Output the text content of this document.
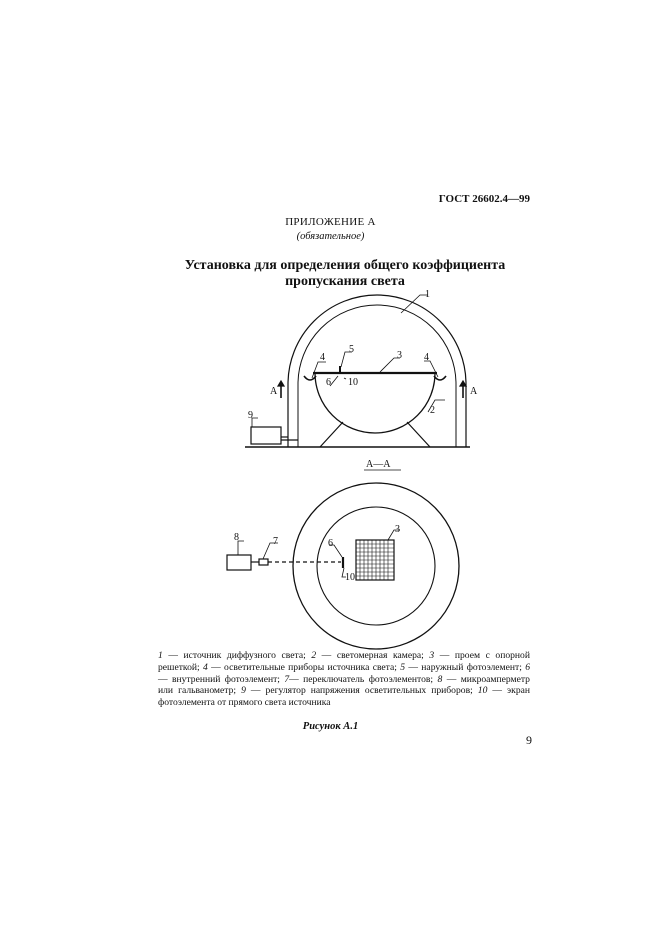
ГОСТ 26602.4—99
ПРИЛОЖЕНИЕ А
(обязательное)
Установка для определения общего коэффициента
пропускания света
1
2
3
4	4
5
6 10
9
А	А
А—А
8	7	6
10
3
1 — источник диффузного света; 2 — светомерная камера; 3 — проем с опорной решеткой; 4 — осветительные приборы источника света; 5 — наружный фотоэлемент; 6 — внутренний фотоэлемент; 7— переключатель фотоэлементов; 8 — микроамперметр или гальванометр; 9 — регулятор напряжения осветительных приборов; 10 — экран фотоэлемента от прямого света источника
Рисунок А.1
9
